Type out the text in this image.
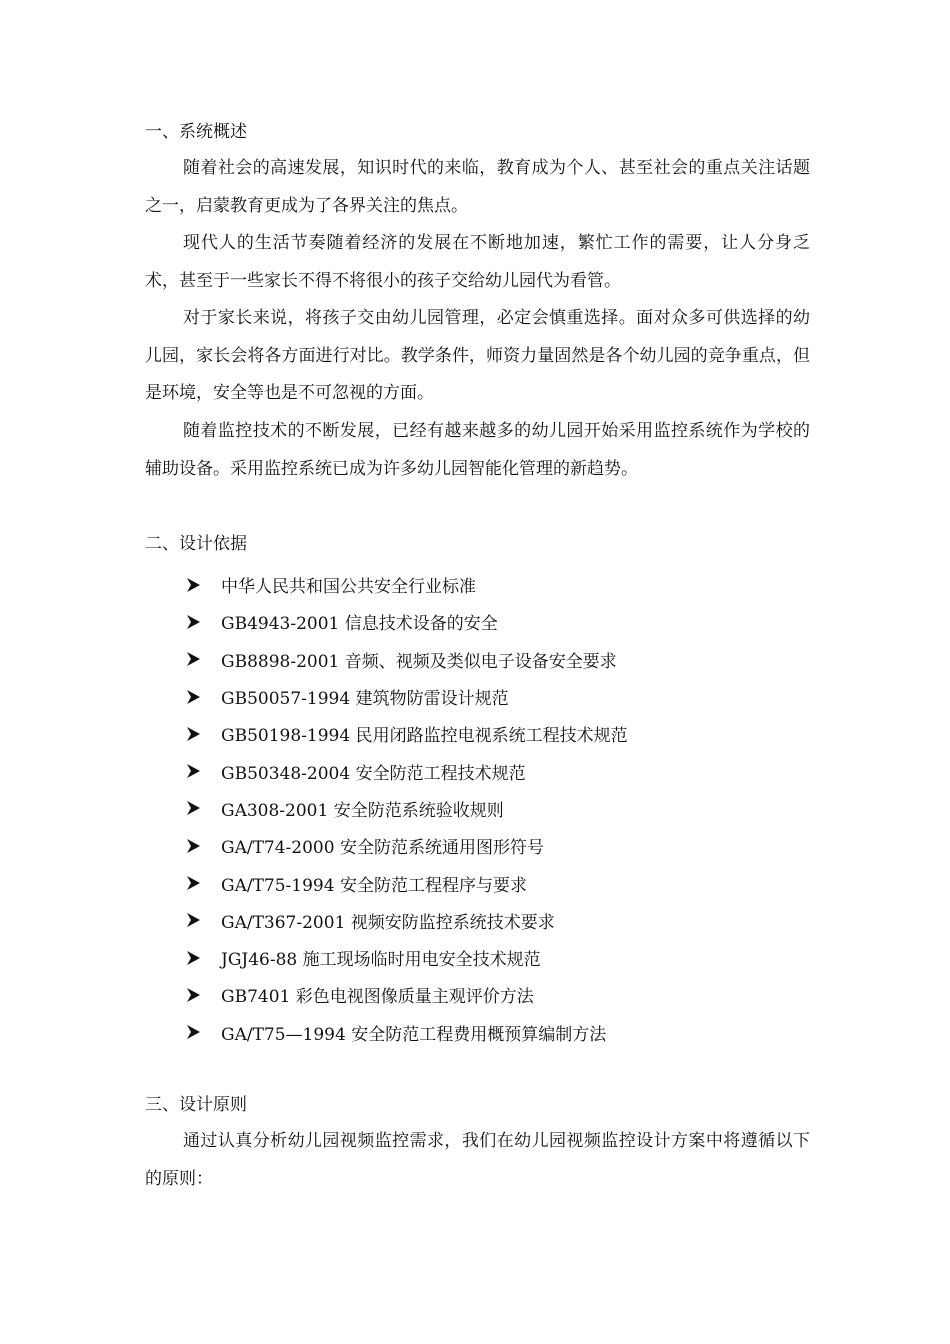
一、系统概述
随着社会的高速发展，知识时代的来临，教育成为个人、甚至社会的重点关注话题之一，启蒙教育更成为了各界关注的焦点。
现代人的生活节奏随着经济的发展在不断地加速，繁忙工作的需要，让人分身乏术，甚至于一些家长不得不将很小的孩子交给幼儿园代为看管。
对于家长来说，将孩子交由幼儿园管理，必定会慎重选择。面对众多可供选择的幼儿园，家长会将各方面进行对比。教学条件，师资力量固然是各个幼儿园的竞争重点，但是环境，安全等也是不可忽视的方面。
随着监控技术的不断发展，已经有越来越多的幼儿园开始采用监控系统作为学校的辅助设备。采用监控系统已成为许多幼儿园智能化管理的新趋势。
二、设计依据
中华人民共和国公共安全行业标准
GB4943-2001 信息技术设备的安全
GB8898-2001 音频、视频及类似电子设备安全要求
GB50057-1994 建筑物防雷设计规范
GB50198-1994 民用闭路监控电视系统工程技术规范
GB50348-2004 安全防范工程技术规范
GA308-2001 安全防范系统验收规则
GA/T74-2000 安全防范系统通用图形符号
GA/T75-1994 安全防范工程程序与要求
GA/T367-2001 视频安防监控系统技术要求
JGJ46-88 施工现场临时用电安全技术规范
GB7401 彩色电视图像质量主观评价方法
GA/T75—1994 安全防范工程费用概预算编制方法
三、设计原则
通过认真分析幼儿园视频监控需求，我们在幼儿园视频监控设计方案中将遵循以下的原则：
